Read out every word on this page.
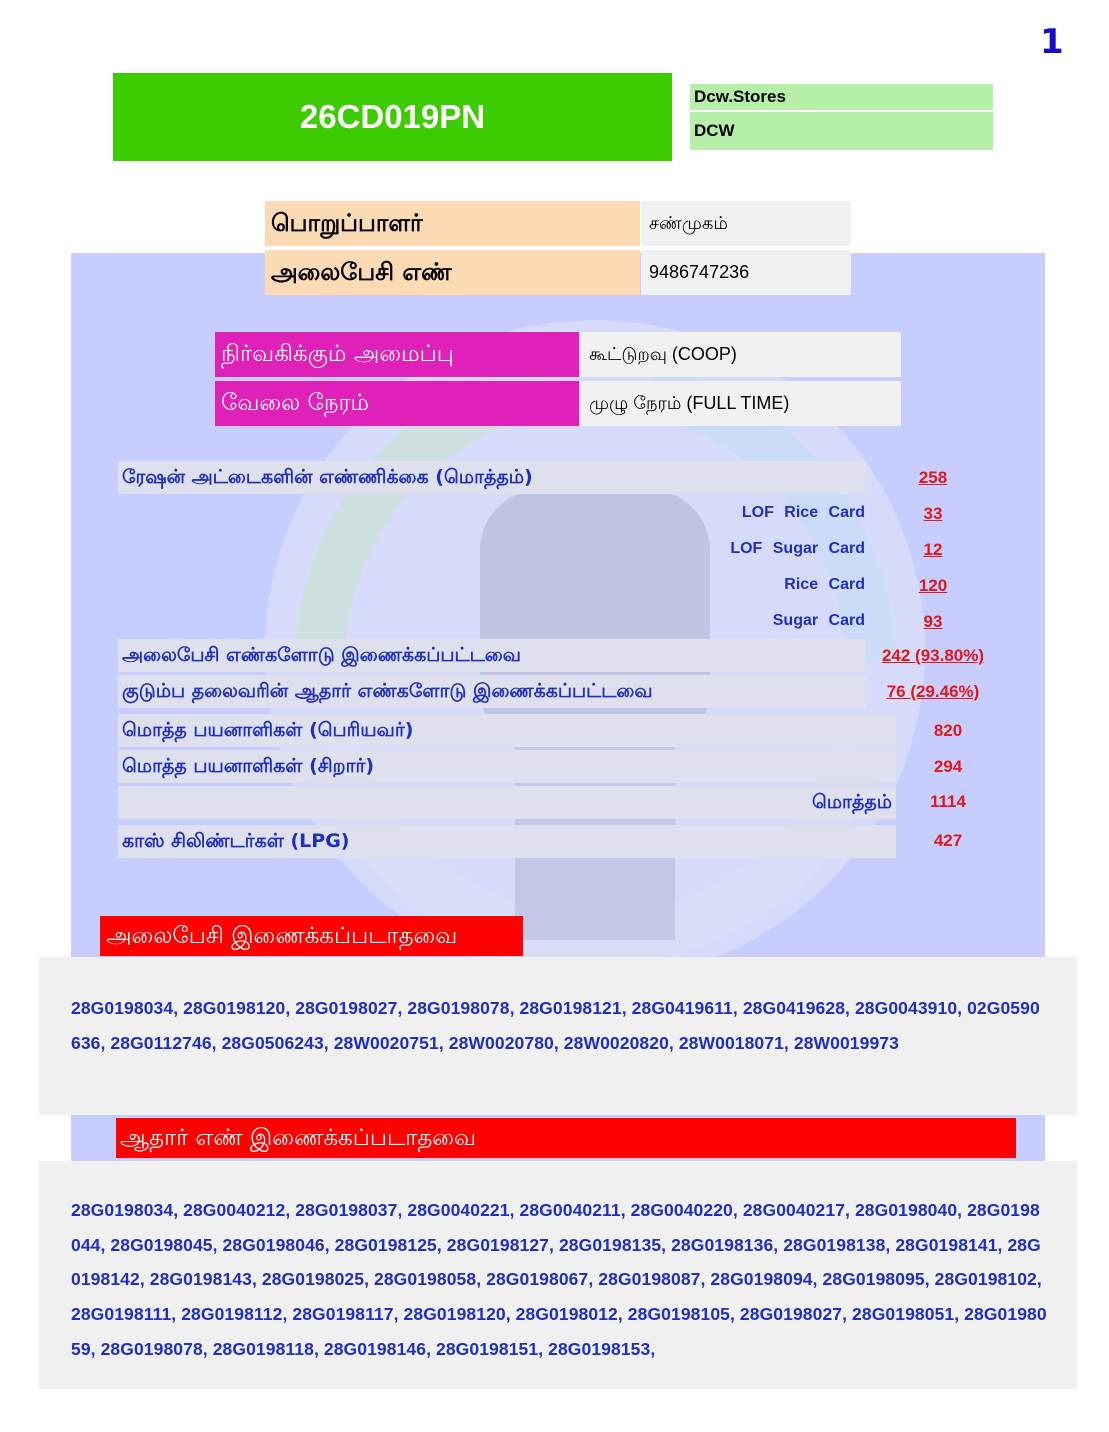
1
26CD019PN
Dcw.Stores
DCW
பொறுப்பாளர்	சண்முகம்
அலைபேசி எண்	9486747236
நிர்வகிக்கும் அமைப்பு	கூட்டுறவு (COOP)
வேலை நேரம்	முழு நேரம் (FULL TIME)
ரேஷன் அட்டைகளின் எண்ணிக்கை (மொத்தம்)	258
LOF Rice Card	33
LOF Sugar Card	12
Rice Card	120
Sugar Card	93
அலைபேசி எண்களோடு இணைக்கப்பட்டவை	242 (93.80%)
குடும்ப தலைவரின் ஆதார் எண்களோடு இணைக்கப்பட்டவை	76 (29.46%)
மொத்த பயனாளிகள் (பெரியவர்)	820
மொத்த பயனாளிகள் (சிறார்)	294
மொத்தம்	1114
காஸ் சிலிண்டர்கள் (LPG)	427
அலைபேசி இணைக்கப்படாதவை
28G0198034, 28G0198120, 28G0198027, 28G0198078, 28G0198121, 28G0419611, 28G0419628, 28G0043910, 02G0590636, 28G0112746, 28G0506243, 28W0020751, 28W0020780, 28W0020820, 28W0018071, 28W0019973
ஆதார் எண் இணைக்கப்படாதவை
28G0198034, 28G0040212, 28G0198037, 28G0040221, 28G0040211, 28G0040220, 28G0040217, 28G0198040, 28G0198044, 28G0198045, 28G0198046, 28G0198125, 28G0198127, 28G0198135, 28G0198136, 28G0198138, 28G0198141, 28G0198142, 28G0198143, 28G0198025, 28G0198058, 28G0198067, 28G0198087, 28G0198094, 28G0198095, 28G0198102, 28G0198111, 28G0198112, 28G0198117, 28G0198120, 28G0198012, 28G0198105, 28G0198027, 28G0198051, 28G0198059, 28G0198078, 28G0198118, 28G0198146, 28G0198151, 28G0198153,
